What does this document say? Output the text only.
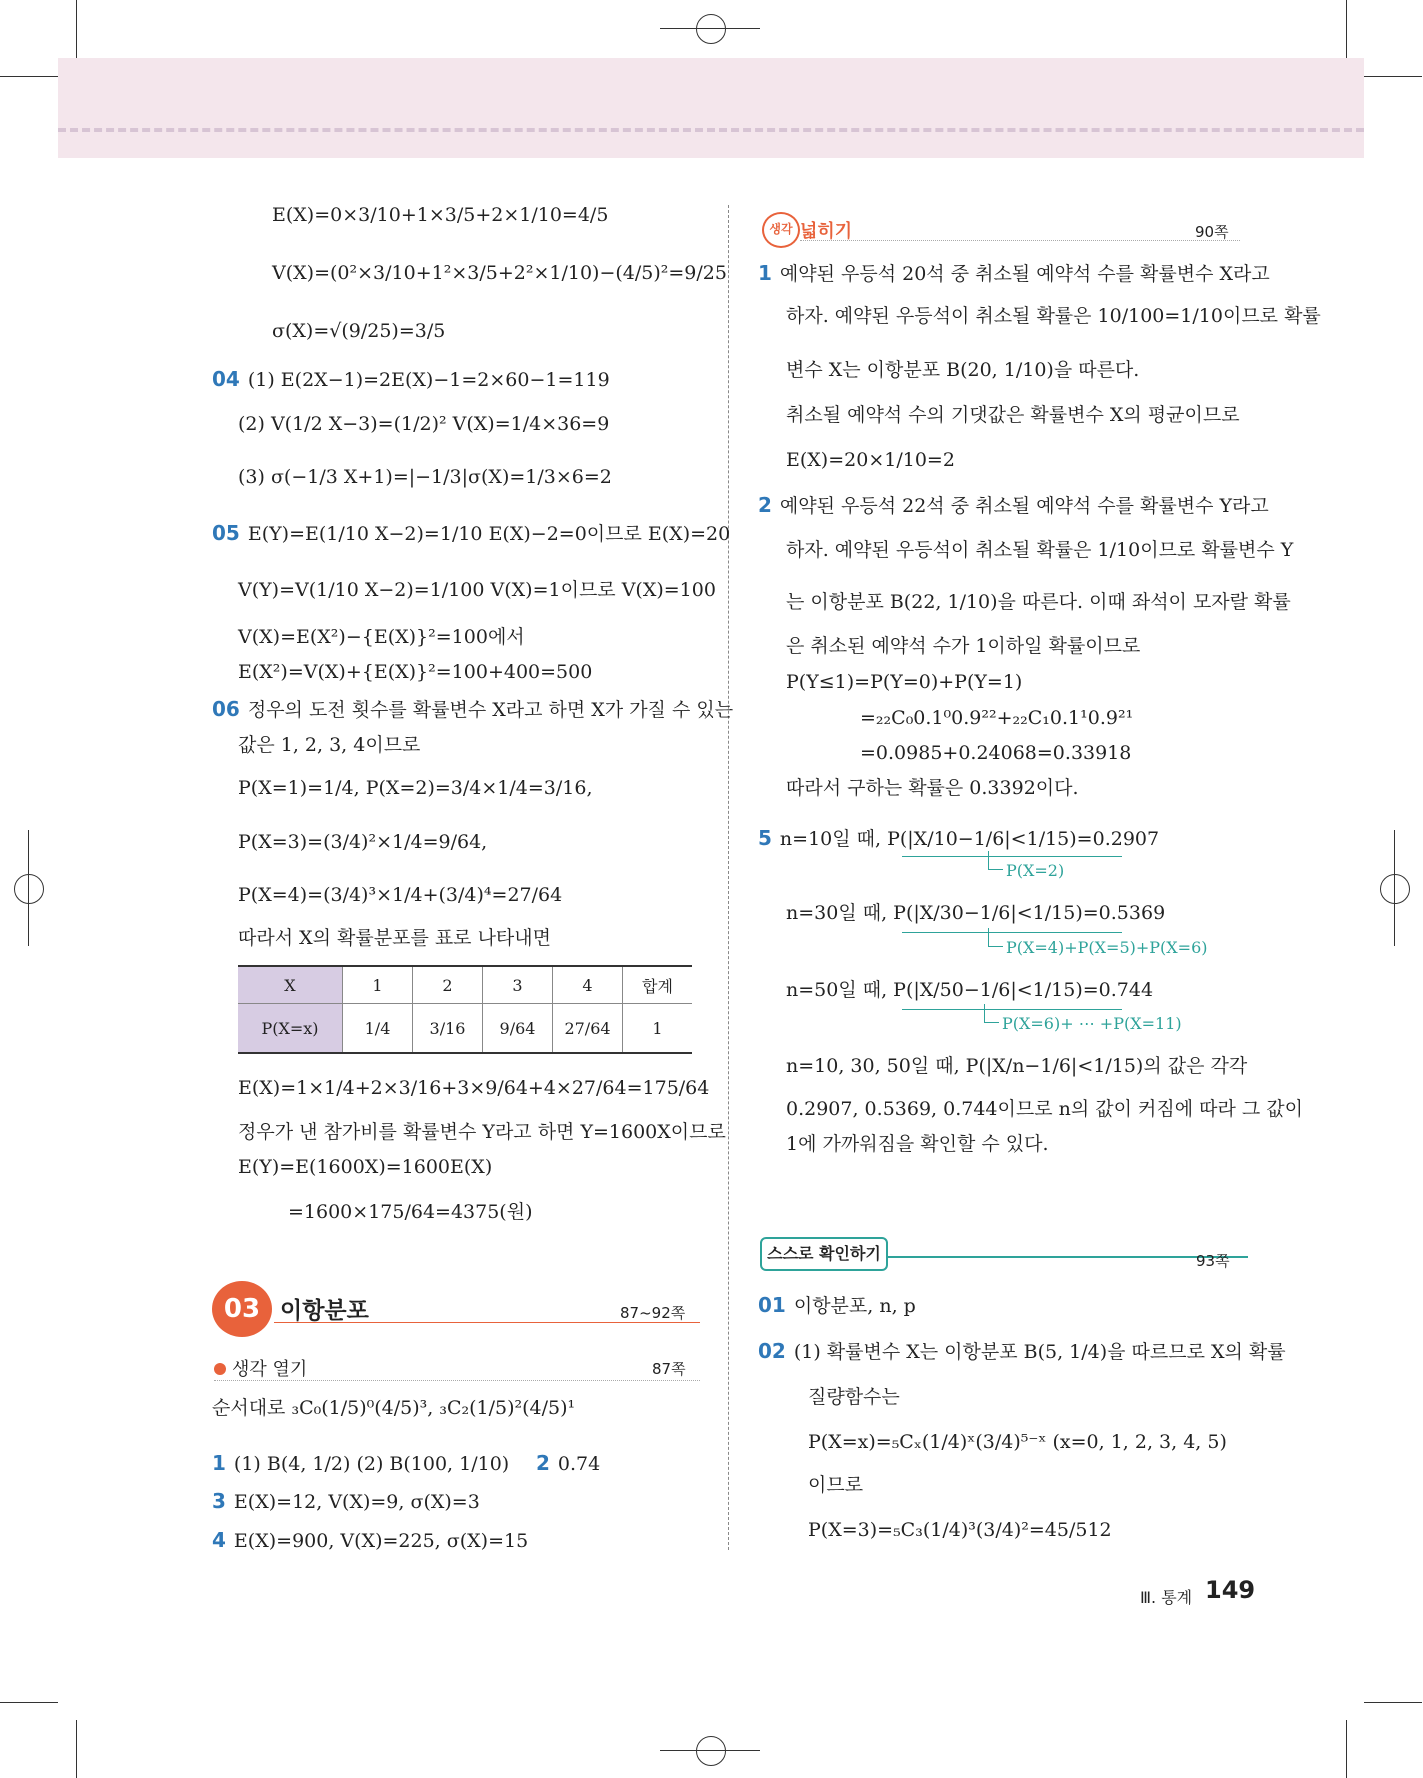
E(X)=0×3/10+1×3/5+2×1/10=4/5
V(X)=(0²×3/10+1²×3/5+2²×1/10)−(4/5)²=9/25
σ(X)=√(9/25)=3/5
04 (1) E(2X−1)=2E(X)−1=2×60−1=119
(2) V(1/2 X−3)=(1/2)² V(X)=1/4×36=9
(3) σ(−1/3 X+1)=|−1/3|σ(X)=1/3×6=2
05 E(Y)=E(1/10 X−2)=1/10 E(X)−2=0이므로 E(X)=20
V(Y)=V(1/10 X−2)=1/100 V(X)=1이므로 V(X)=100
V(X)=E(X²)−{E(X)}²=100에서
E(X²)=V(X)+{E(X)}²=100+400=500
06 정우의 도전 횟수를 확률변수 X라고 하면 X가 가질 수 있는
값은 1, 2, 3, 4이므로
P(X=1)=1/4, P(X=2)=3/4×1/4=3/16,
P(X=3)=(3/4)²×1/4=9/64,
P(X=4)=(3/4)³×1/4+(3/4)⁴=27/64
따라서 X의 확률분포를 표로 나타내면
X	1	2	3	4	합계
P(X=x)	1/4	3/16	9/64	27/64	1
E(X)=1×1/4+2×3/16+3×9/64+4×27/64=175/64
정우가 낸 참가비를 확률변수 Y라고 하면 Y=1600X이므로
E(Y)=E(1600X)=1600E(X)
=1600×175/64=4375(원)
03 이항분포	87~92쪽
생각 열기	87쪽
순서대로 ₃C₀(1/5)⁰(4/5)³, ₃C₂(1/5)²(4/5)¹
1 (1) B(4, 1/2) (2) B(100, 1/10) 2 0.74
3 E(X)=12, V(X)=9, σ(X)=3
4 E(X)=900, V(X)=225, σ(X)=15
생각 넓히기	90쪽
1 예약된 우등석 20석 중 취소될 예약석 수를 확률변수 X라고
하자. 예약된 우등석이 취소될 확률은 10/100=1/10이므로 확률
변수 X는 이항분포 B(20, 1/10)을 따른다.
취소될 예약석 수의 기댓값은 확률변수 X의 평균이므로
E(X)=20×1/10=2
2 예약된 우등석 22석 중 취소될 예약석 수를 확률변수 Y라고
하자. 예약된 우등석이 취소될 확률은 1/10이므로 확률변수 Y
는 이항분포 B(22, 1/10)을 따른다. 이때 좌석이 모자랄 확률
은 취소된 예약석 수가 1이하일 확률이므로
P(Y≤1)=P(Y=0)+P(Y=1)
=₂₂C₀0.1⁰0.9²²+₂₂C₁0.1¹0.9²¹
=0.0985+0.24068=0.33918
따라서 구하는 확률은 0.3392이다.
5 n=10일 때, P(|X/10−1/6|<1/15)=0.2907
P(X=2)
n=30일 때, P(|X/30−1/6|<1/15)=0.5369
P(X=4)+P(X=5)+P(X=6)
n=50일 때, P(|X/50−1/6|<1/15)=0.744
P(X=6)+ ⋯ +P(X=11)
n=10, 30, 50일 때, P(|X/n−1/6|<1/15)의 값은 각각
0.2907, 0.5369, 0.744이므로 n의 값이 커짐에 따라 그 값이
1에 가까워짐을 확인할 수 있다.
스스로 확인하기	93쪽
01 이항분포, n, p
02 (1) 확률변수 X는 이항분포 B(5, 1/4)을 따르므로 X의 확률
질량함수는
P(X=x)=₅Cₓ(1/4)ˣ(3/4)⁵⁻ˣ (x=0, 1, 2, 3, 4, 5)
이므로
P(X=3)=₅C₃(1/4)³(3/4)²=45/512
Ⅲ. 통계 149
